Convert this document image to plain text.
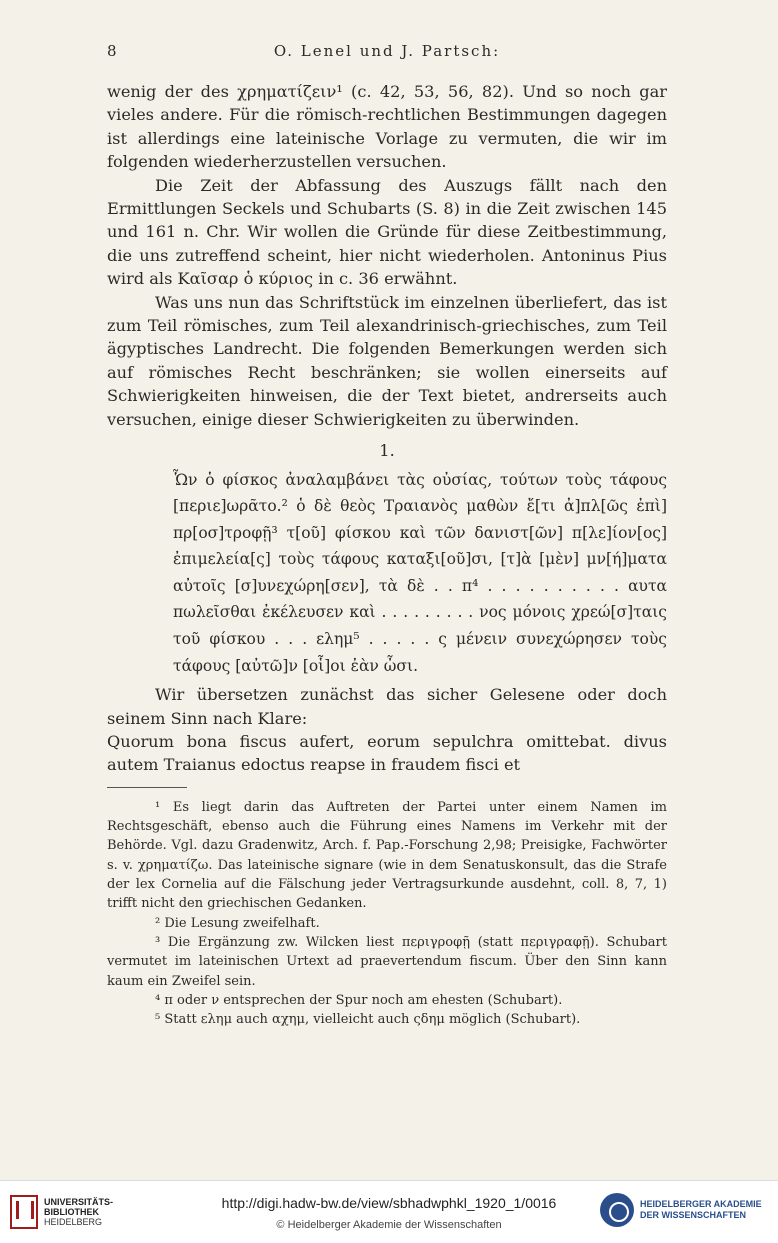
8	O. Lenel und J. Partsch:

wenig der des χρηματίζειν¹ (c. 42, 53, 56, 82). Und so noch gar vieles andere. Für die römisch-rechtlichen Bestimmungen dagegen ist allerdings eine lateinische Vorlage zu vermuten, die wir im folgenden wiederherzustellen versuchen.

Die Zeit der Abfassung des Auszugs fällt nach den Ermittlungen Seckels und Schubarts (S. 8) in die Zeit zwischen 145 und 161 n. Chr. Wir wollen die Gründe für diese Zeitbestimmung, die uns zutreffend scheint, hier nicht wiederholen. Antoninus Pius wird als Καῖσαρ ὁ κύριος in c. 36 erwähnt.

Was uns nun das Schriftstück im einzelnen überliefert, das ist zum Teil römisches, zum Teil alexandrinisch-griechisches, zum Teil ägyptisches Landrecht. Die folgenden Bemerkungen werden sich auf römisches Recht beschränken; sie wollen einerseits auf Schwierigkeiten hinweisen, die der Text bietet, andrerseits auch versuchen, einige dieser Schwierigkeiten zu überwinden.

1.
Ὧν ὁ φίσκος ἀναλαμβάνει τὰς οὐσίας, τούτων τοὺς τάφους [περιε]ωρᾶτο.² ὁ δὲ θεὸς Τραιανὸς μαθὼν ἔ[τι ἀ]πλ[ῶς ἐπὶ] πρ[οσ]τροφῇ³ τ[οῦ] φίσκου καὶ τῶν δανιστ[ῶν] π[λε]ίον[ος] ἐπιμελεία[ς] τοὺς τάφους καταξι[οῦ]σι, [τ]ὰ [μὲν] μν[ή]ματα αὐτοῖς [σ]υνεχώρη[σεν], τὰ δὲ . . π⁴ . . . . . . . . . . αυτα πωλεῖσθαι ἐκέλευσεν καὶ . . . . . . . . . νος μόνοις χρεώ[σ]ταις τοῦ φίσκου . . . ελημ⁵ . . . . . ς μένειν συνεχώρησεν τοὺς τάφους [αὐτῶ]ν [οἷ]οι ἐὰν ὦσι.

Wir übersetzen zunächst das sicher Gelesene oder doch seinem Sinn nach Klare:

Quorum bona fiscus aufert, eorum sepulchra omittebat. divus autem Traianus edoctus reapse in fraudem fisci et

¹ Es liegt darin das Auftreten der Partei unter einem Namen im Rechtsgeschäft, ebenso auch die Führung eines Namens im Verkehr mit der Behörde. Vgl. dazu Gradenwitz, Arch. f. Pap.-Forschung 2,98; Preisigke, Fachwörter s. v. χρηματίζω. Das lateinische signare (wie in dem Senatuskonsult, das die Strafe der lex Cornelia auf die Fälschung jeder Vertragsurkunde ausdehnt, coll. 8, 7, 1) trifft nicht den griechischen Gedanken.
² Die Lesung zweifelhaft.
³ Die Ergänzung zw. Wilcken liest περιγροφῇ (statt περιγραφῇ). Schubart vermutet im lateinischen Urtext ad praevertendum fiscum. Über den Sinn kann kaum ein Zweifel sein.
⁴ π oder ν entsprechen der Spur noch am ehesten (Schubart).
⁵ Statt ελημ auch αχημ, vielleicht auch ςδημ möglich (Schubart).
UNIVERSITÄTS-
BIBLIOTHEK
HEIDELBERG
http://digi.hadw-bw.de/view/sbhadwphkl_1920_1/0016
© Heidelberger Akademie der Wissenschaften
HEIDELBERGER AKADEMIE
DER WISSENSCHAFTEN
